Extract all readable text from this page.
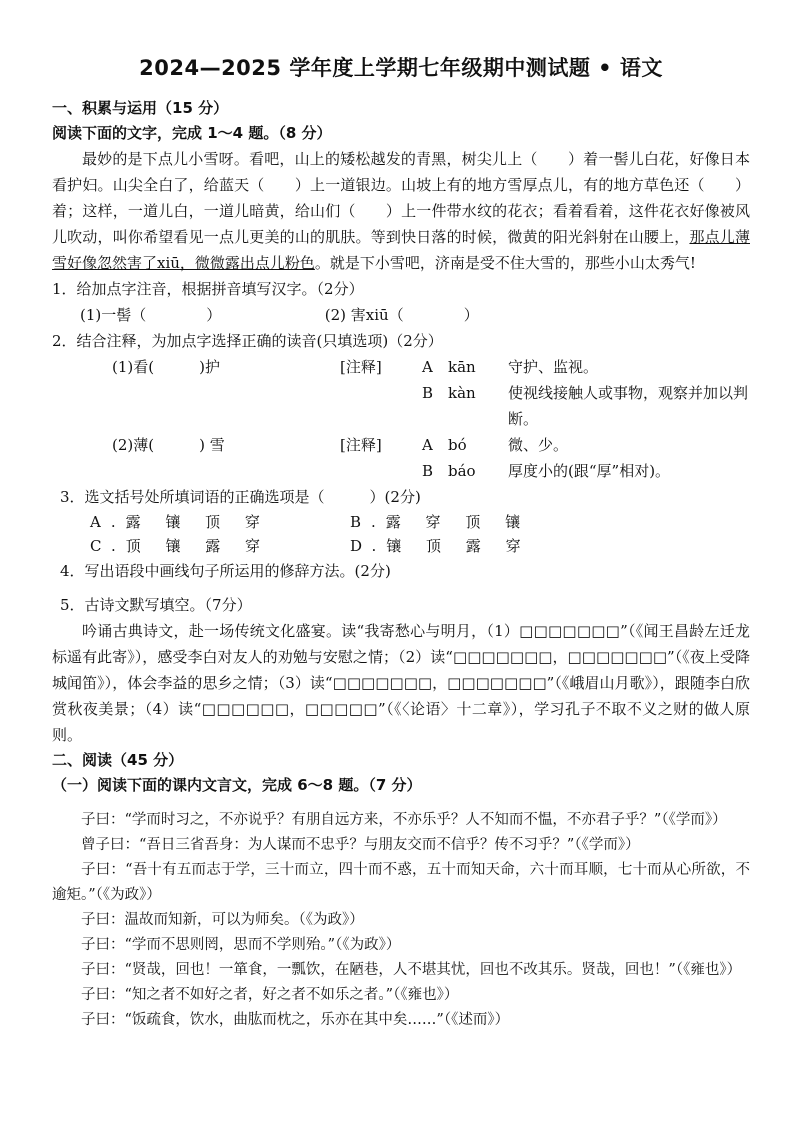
2024—2025 学年度上学期七年级期中测试题 • 语文
一、积累与运用（15 分）
阅读下面的文字，完成 1～4 题。（8 分）

最妙的是下点儿小雪呀。看吧，山上的矮松越发的青黑，树尖儿上（　　）着一髻儿白花，好像日本看护妇。山尖全白了，给蓝天（　　）上一道银边。山坡上有的地方雪厚点儿，有的地方草色还（　　）着；这样，一道儿白，一道儿暗黄，给山们（　　）上一件带水纹的花衣；看着看着，这件花衣好像被风儿吹动，叫你希望看见一点儿更美的山的肌肤。等到快日落的时候，微黄的阳光斜射在山腰上，那点儿薄雪好像忽然害了xiū，微微露出点儿粉色。就是下小雪吧，济南是受不住大雪的，那些小山太秀气!

1．给加点字注音，根据拼音填写汉字。（2分）
(1)一髻（　　　　）	(2) 害xiū（　　　　）
2．结合注释，为加点字选择正确的读音(只填选项)（2分）
(1)看(　　　)护	[注释]	A	kān	守护、监视。
B kàn	使视线接触人或事物，观察并加以判断。
(2)薄(　　　) 雪	[注释]	A	bó	微、少。
B báo	厚度小的(跟“厚”相对)。
3．选文括号处所填词语的正确选项是（　　　）(2分)
A.露 镶 顶 穿	B.露 穿 顶 镶
C.顶 镶 露 穿	D.镶 顶 露 穿
4．写出语段中画线句子所运用的修辞方法。(2分)
5．古诗文默写填空。（7分）

吟诵古典诗文，赴一场传统文化盛宴。读“我寄愁心与明月，（1）□□□□□□□”（《闻王昌龄左迁龙标遥有此寄》），感受李白对友人的劝勉与安慰之情；（2）读“□□□□□□□，□□□□□□□”（《夜上受降城闻笛》），体会李益的思乡之情；（3）读“□□□□□□□，□□□□□□□”（《峨眉山月歌》），跟随李白欣赏秋夜美景；（4）读“□□□□□□，□□□□□”（《〈论语〉十二章》），学习孔子不取不义之财的做人原则。

二、阅读（45 分）
（一）阅读下面的课内文言文，完成 6～8 题。（7 分）

子曰：“学而时习之，不亦说乎？有朋自远方来，不亦乐乎？人不知而不愠，不亦君子乎？”（《学而》）

曾子曰：“吾日三省吾身：为人谋而不忠乎？与朋友交而不信乎？传不习乎？”（《学而》）

子曰：“吾十有五而志于学，三十而立，四十而不惑，五十而知天命，六十而耳顺，七十而从心所欲，不逾矩。”（《为政》）

子曰：温故而知新，可以为师矣。（《为政》）

子曰：“学而不思则罔，思而不学则殆。”（《为政》）

子曰：“贤哉，回也！一箪食，一瓢饮，在陋巷，人不堪其忧，回也不改其乐。贤哉，回也！”（《雍也》）

子曰：“知之者不如好之者，好之者不如乐之者。”（《雍也》）

子曰：“饭疏食，饮水，曲肱而枕之，乐亦在其中矣……”（《述而》）
